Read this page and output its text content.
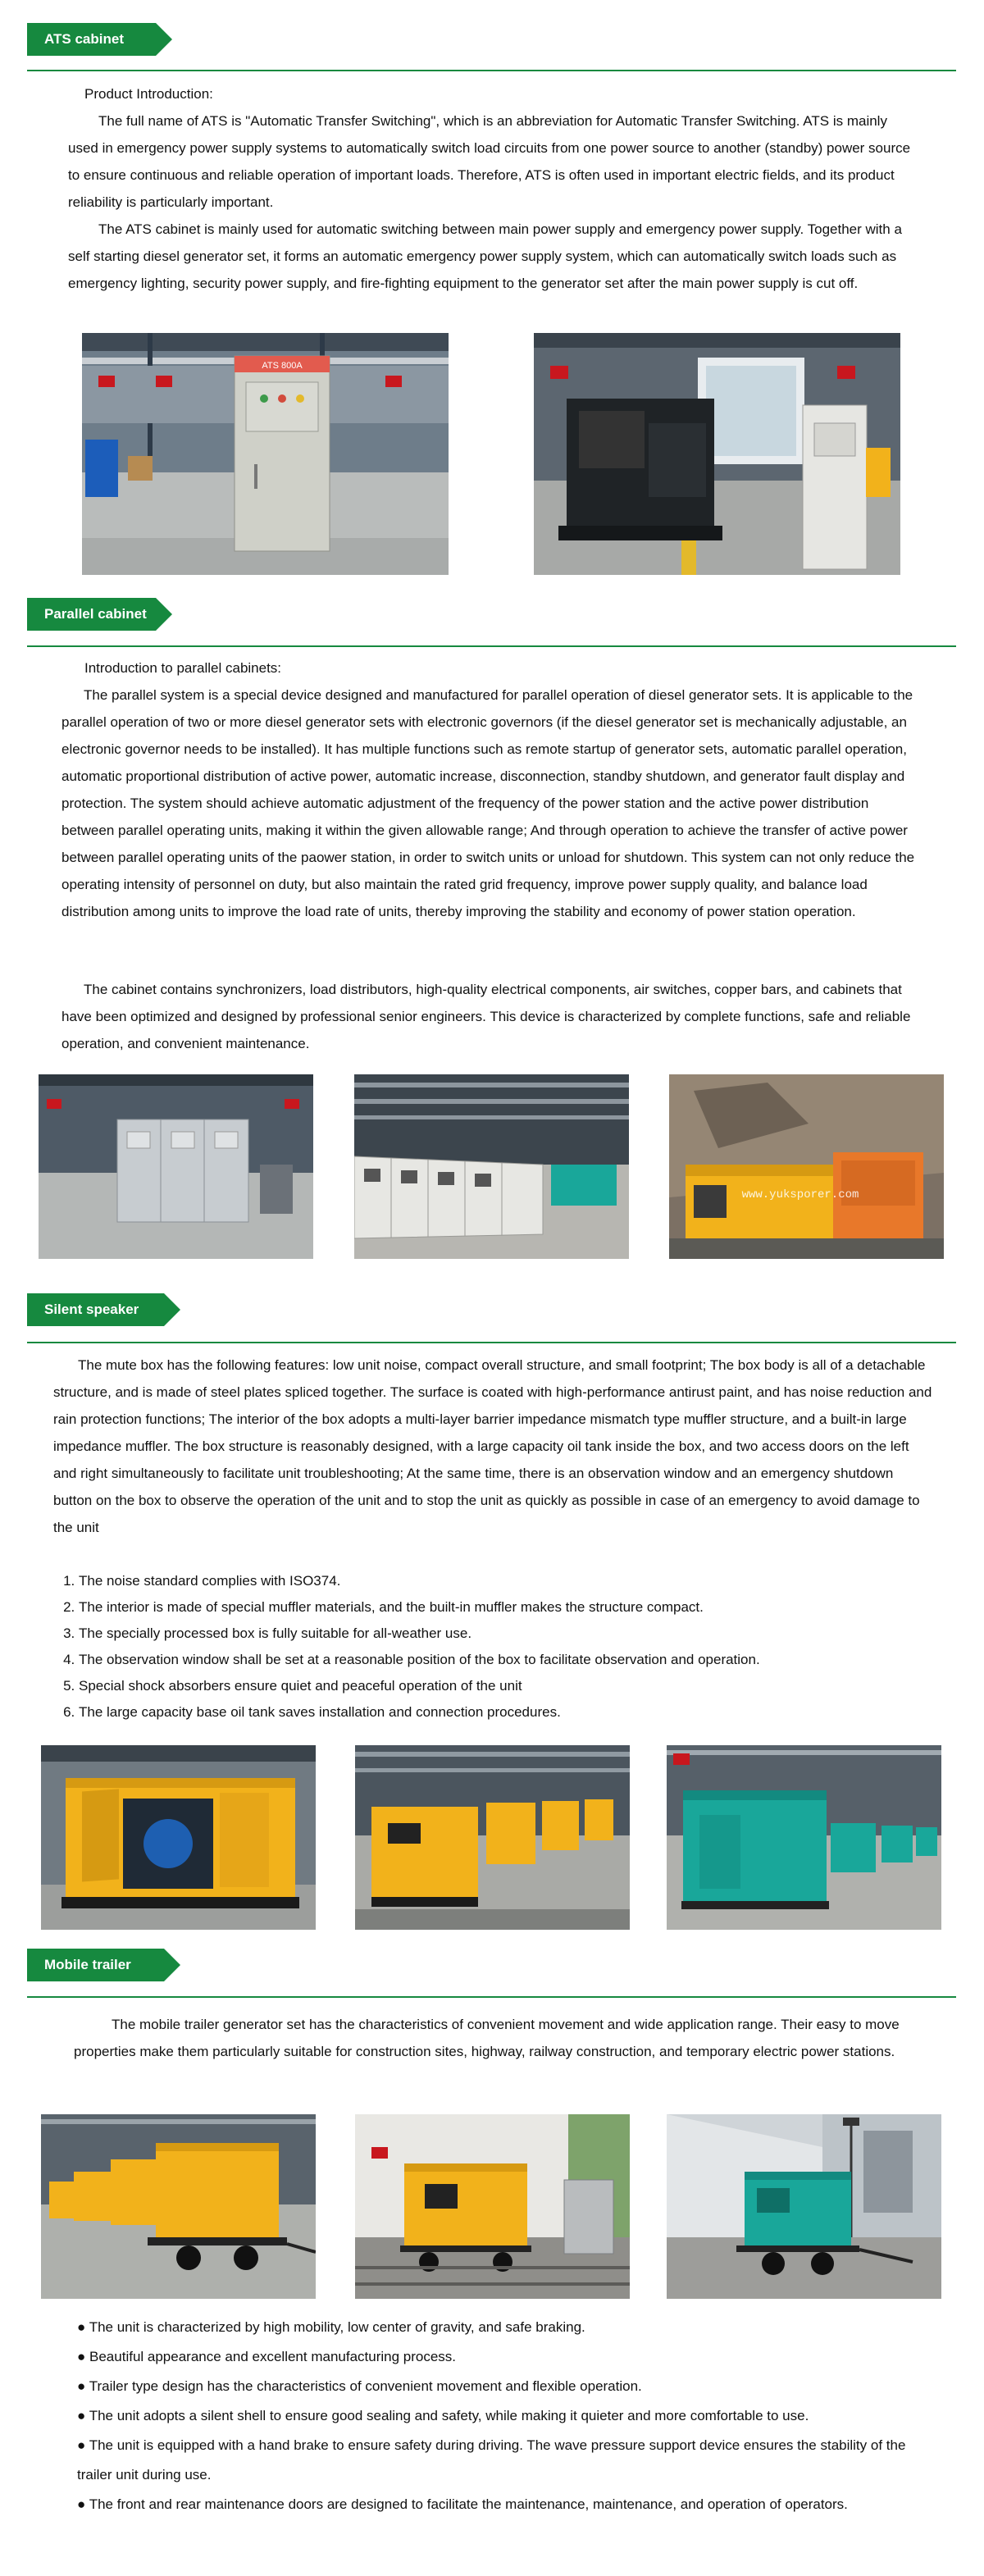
ATS cabinet
Product Introduction:

The full name of ATS is "Automatic Transfer Switching", which is an abbreviation for Automatic Transfer Switching. ATS is mainly used in emergency power supply systems to automatically switch load circuits from one power source to another (standby) power source to ensure continuous and reliable operation of important loads. Therefore, ATS is often used in important electric fields, and its product reliability is particularly important.

The ATS cabinet is mainly used for automatic switching between main power supply and emergency power supply. Together with a self starting diesel generator set, it forms an automatic emergency power supply system, which can automatically switch loads such as emergency lighting, security power supply, and fire-fighting equipment to the generator set after the main power supply is cut off.

ATS 800A
Parallel cabinet
Introduction to parallel cabinets:

The parallel system is a special device designed and manufactured for parallel operation of diesel generator sets. It is applicable to the parallel operation of two or more diesel generator sets with electronic governors (if the diesel generator set is mechanically adjustable, an electronic governor needs to be installed). It has multiple functions such as remote startup of generator sets, automatic parallel operation, automatic proportional distribution of active power, automatic increase, disconnection, standby shutdown, and generator fault display and protection. The system should achieve automatic adjustment of the frequency of the power station and the active power distribution between parallel operating units, making it within the given allowable range; And through operation to achieve the transfer of active power between parallel operating units of the paower station, in order to switch units or unload for shutdown. This system can not only reduce the operating intensity of personnel on duty, but also maintain the rated grid frequency, improve power supply quality, and balance load distribution among units to improve the load rate of units, thereby improving the stability and economy of power station operation.

The cabinet contains synchronizers, load distributors, high-quality electrical components, air switches, copper bars, and cabinets that have been optimized and designed by professional senior engineers. This device is characterized by complete functions, safe and reliable operation, and convenient maintenance.

www.yuksporer.com
Silent speaker

The mute box has the following features: low unit noise, compact overall structure, and small footprint; The box body is all of a detachable structure, and is made of steel plates spliced together. The surface is coated with high-performance antirust paint, and has noise reduction and rain protection functions; The interior of the box adopts a multi-layer barrier impedance mismatch type muffler structure, and a built-in large impedance muffler. The box structure is reasonably designed, with a large capacity oil tank inside the box, and two access doors on the left and right simultaneously to facilitate unit troubleshooting; At the same time, there is an observation window and an emergency shutdown button on the box to observe the operation of the unit and to stop the unit as quickly as possible in case of an emergency to avoid damage to the unit

1. The noise standard complies with ISO374.
2. The interior is made of special muffler materials, and the built-in muffler makes the structure compact.
3. The specially processed box is fully suitable for all-weather use.
4. The observation window shall be set at a reasonable position of the box to facilitate observation and operation.
5. Special shock absorbers ensure quiet and peaceful operation of the unit
6. The large capacity base oil tank saves installation and connection procedures.
Mobile trailer

The mobile trailer generator set has the characteristics of convenient movement and wide application range. Their easy to move properties make them particularly suitable for construction sites, highway, railway construction, and temporary electric power stations.

● The unit is characterized by high mobility, low center of gravity, and safe braking.
● Beautiful appearance and excellent manufacturing process.
● Trailer type design has the characteristics of convenient movement and flexible operation.
● The unit adopts a silent shell to ensure good sealing and safety, while making it quieter and more comfortable to use.
● The unit is equipped with a hand brake to ensure safety during driving. The wave pressure support device ensures the stability of the trailer unit during use.
● The front and rear maintenance doors are designed to facilitate the maintenance, maintenance, and operation of operators.
